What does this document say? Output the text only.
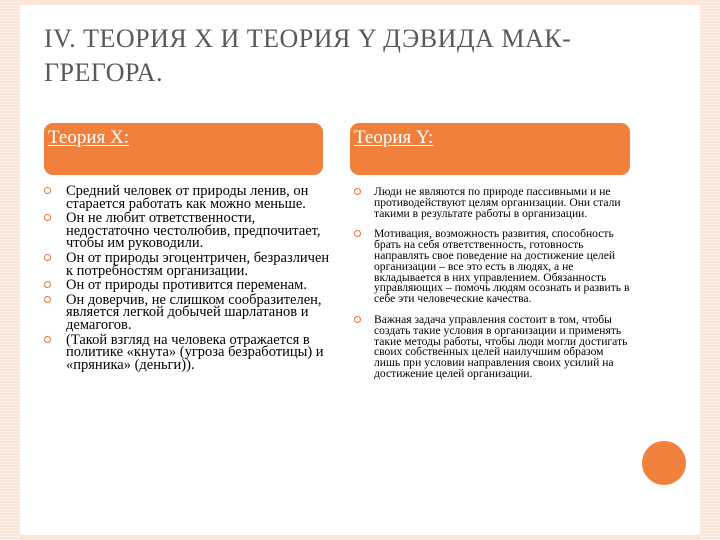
IV. ТЕОРИЯ X И ТЕОРИЯ Y ДЭВИДА МАК-
ГРЕГОРА.
Теория X:	Теория Y:
Средний человек от природы ленив, он старается работать как можно меньше.
Он не любит ответственности, недостаточно честолюбив, предпочитает, чтобы им руководили.
Он от природы эгоцентричен, безразличен к потребностям организации.
Он от природы противится переменам.
Он доверчив, не слишком сообразителен, является легкой добычей шарлатанов и демагогов.
(Такой взгляд на человека отражается в политике «кнута» (угроза безработицы) и «пряника» (деньги)).
Люди не являются по природе пассивными и не противодействуют целям организации. Они стали такими в результате работы в организации.
Мотивация, возможность развития, способность брать на себя ответственность, готовность направлять свое поведение на достижение целей организации – все это есть в людях, а не вкладывается в них управлением. Обязанность управляющих – помочь людям осознать и развить в себе эти человеческие качества.
Важная задача управления состоит в том, чтобы создать такие условия в организации и применять такие методы работы, чтобы люди могли достигать своих собственных целей наилучшим образом лишь при условии направления своих усилий на достижение целей организации.
